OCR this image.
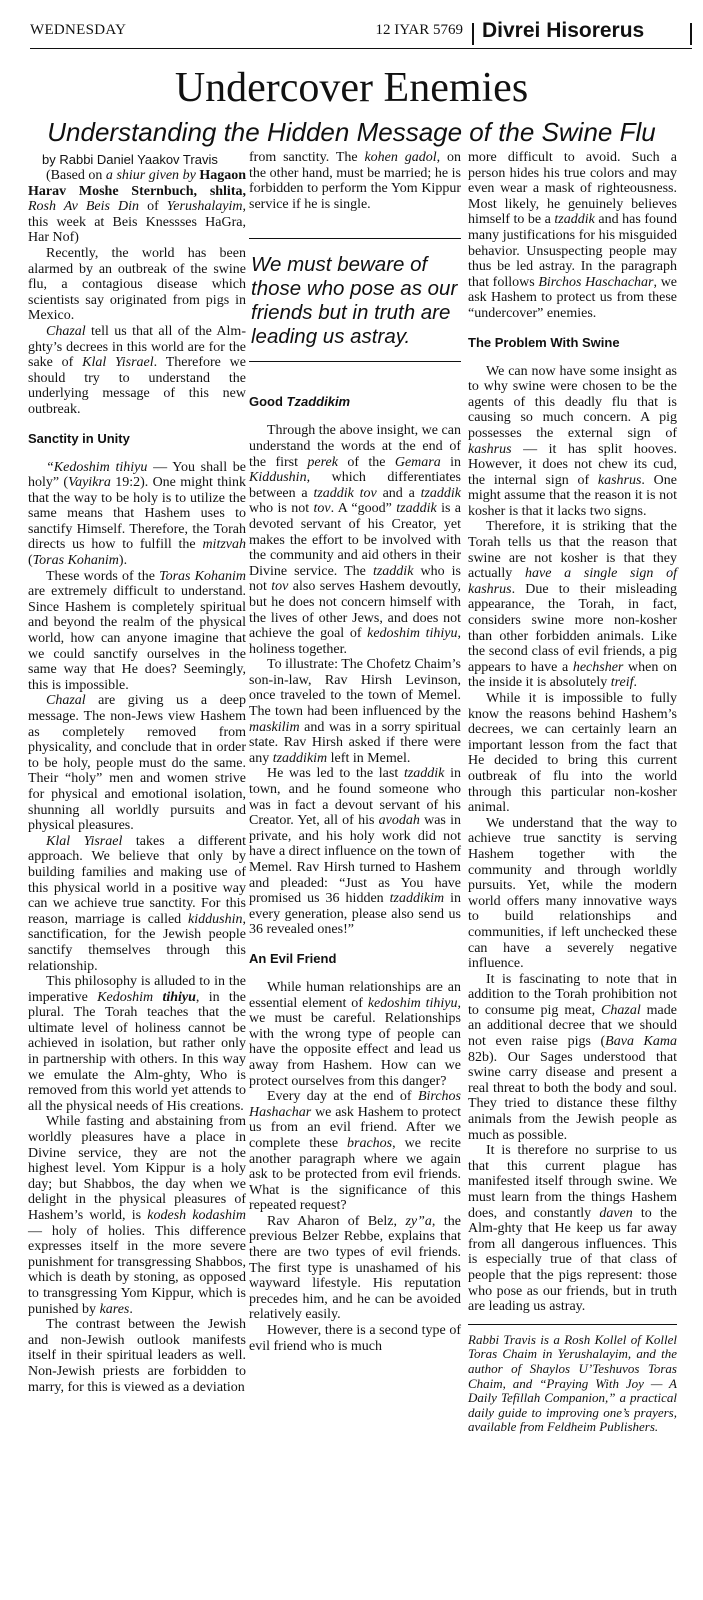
WEDNESDAY	12 IYAR 5769 Divrei Hisorerus
Undercover Enemies
Understanding the Hidden Message of the Swine Flu
by Rabbi Daniel Yaakov Travis

(Based on a shiur given by Hagaon Harav Moshe Sternbuch, shlita, Rosh Av Beis Din of Yerushalayim, this week at Beis Knessses HaGra, Har Nof)

Recently, the world has been alarmed by an outbreak of the swine flu, a contagious disease which scientists say originated from pigs in Mexico.

Chazal tell us that all of the Alm-ghty’s decrees in this world are for the sake of Klal Yisrael. Therefore we should try to understand the underlying message of this new outbreak.

Sanctity in Unity

“Kedoshim tihiyu — You shall be holy” (Vayikra 19:2). One might think that the way to be holy is to utilize the same means that Hashem uses to sanctify Himself. Therefore, the Torah directs us how to fulfill the mitzvah (Toras Kohanim).

These words of the Toras Kohanim are extremely difficult to understand. Since Hashem is completely spiritual and beyond the realm of the physical world, how can anyone imagine that we could sanctify ourselves in the same way that He does? Seemingly, this is impossible.

Chazal are giving us a deep message. The non-Jews view Hashem as completely removed from physicality, and conclude that in order to be holy, people must do the same. Their “holy” men and women strive for physical and emotional isolation, shunning all worldly pursuits and physical pleasures.

Klal Yisrael takes a different approach. We believe that only by building families and making use of this physical world in a positive way can we achieve true sanctity. For this reason, marriage is called kiddushin, sanctification, for the Jewish people sanctify themselves through this relationship.

This philosophy is alluded to in the imperative Kedoshim tihiyu, in the plural. The Torah teaches that the ultimate level of holiness cannot be achieved in isolation, but rather only in partnership with others. In this way we emulate the Alm-ghty, Who is removed from this world yet attends to all the physical needs of His creations.

While fasting and abstaining from worldly pleasures have a place in Divine service, they are not the highest level. Yom Kippur is a holy day; but Shabbos, the day when we delight in the physical pleasures of Hashem’s world, is kodesh kodashim — holy of holies. This difference expresses itself in the more severe punishment for transgressing Shabbos, which is death by stoning, as opposed to transgressing Yom Kippur, which is punished by kares.

The contrast between the Jewish and non-Jewish outlook manifests itself in their spiritual leaders as well. Non-Jewish priests are forbidden to marry, for this is viewed as a deviation

from sanctity. The kohen gadol, on the other hand, must be married; he is forbidden to perform the Yom Kippur service if he is single.

We must beware of those who pose as our friends but in truth are leading us astray.
Good Tzaddikim

Through the above insight, we can understand the words at the end of the first perek of the Gemara in Kiddushin, which differentiates between a tzaddik tov and a tzaddik who is not tov. A “good” tzaddik is a devoted servant of his Creator, yet makes the effort to be involved with the community and aid others in their Divine service. The tzaddik who is not tov also serves Hashem devoutly, but he does not concern himself with the lives of other Jews, and does not achieve the goal of kedoshim tihiyu, holiness together.

To illustrate: The Chofetz Chaim’s son-in-law, Rav Hirsh Levinson, once traveled to the town of Memel. The town had been influenced by the maskilim and was in a sorry spiritual state. Rav Hirsh asked if there were any tzaddikim left in Memel.

He was led to the last tzaddik in town, and he found someone who was in fact a devout servant of his Creator. Yet, all of his avodah was in private, and his holy work did not have a direct influence on the town of Memel. Rav Hirsh turned to Hashem and pleaded: “Just as You have promised us 36 hidden tzaddikim in every generation, please also send us 36 revealed ones!”

An Evil Friend

While human relationships are an essential element of kedoshim tihiyu, we must be careful. Relationships with the wrong type of people can have the opposite effect and lead us away from Hashem. How can we protect ourselves from this danger?

Every day at the end of Birchos Hashachar we ask Hashem to protect us from an evil friend. After we complete these brachos, we recite another paragraph where we again ask to be protected from evil friends. What is the significance of this repeated request?

Rav Aharon of Belz, zy”a, the previous Belzer Rebbe, explains that there are two types of evil friends. The first type is unashamed of his wayward lifestyle. His reputation precedes him, and he can be avoided relatively easily.

However, there is a second type of evil friend who is much

more difficult to avoid. Such a person hides his true colors and may even wear a mask of righteousness. Most likely, he genuinely believes himself to be a tzaddik and has found many justifications for his misguided behavior. Unsuspecting people may thus be led astray. In the paragraph that follows Birchos Haschachar, we ask Hashem to protect us from these “undercover” enemies.

The Problem With Swine

We can now have some insight as to why swine were chosen to be the agents of this deadly flu that is causing so much concern. A pig possesses the external sign of kashrus — it has split hooves. However, it does not chew its cud, the internal sign of kashrus. One might assume that the reason it is not kosher is that it lacks two signs.

Therefore, it is striking that the Torah tells us that the reason that swine are not kosher is that they actually have a single sign of kashrus. Due to their misleading appearance, the Torah, in fact, considers swine more non-kosher than other forbidden animals. Like the second class of evil friends, a pig appears to have a hechsher when on the inside it is absolutely treif.

While it is impossible to fully know the reasons behind Hashem’s decrees, we can certainly learn an important lesson from the fact that He decided to bring this current outbreak of flu into the world through this particular non-kosher animal.

We understand that the way to achieve true sanctity is serving Hashem together with the community and through worldly pursuits. Yet, while the modern world offers many innovative ways to build relationships and communities, if left unchecked these can have a severely negative influence.

It is fascinating to note that in addition to the Torah prohibition not to consume pig meat, Chazal made an additional decree that we should not even raise pigs (Bava Kama 82b). Our Sages understood that swine carry disease and present a real threat to both the body and soul. They tried to distance these filthy animals from the Jewish people as much as possible.

It is therefore no surprise to us that this current plague has manifested itself through swine. We must learn from the things Hashem does, and constantly daven to the Alm-ghty that He keep us far away from all dangerous influences. This is especially true of that class of people that the pigs represent: those who pose as our friends, but in truth are leading us astray.

Rabbi Travis is a Rosh Kollel of Kollel Toras Chaim in Yerushalayim, and the author of Shaylos U’Teshuvos Toras Chaim, and “Praying With Joy — A Daily Tefillah Companion,” a practical daily guide to improving one’s prayers, available from Feldheim Publishers.
